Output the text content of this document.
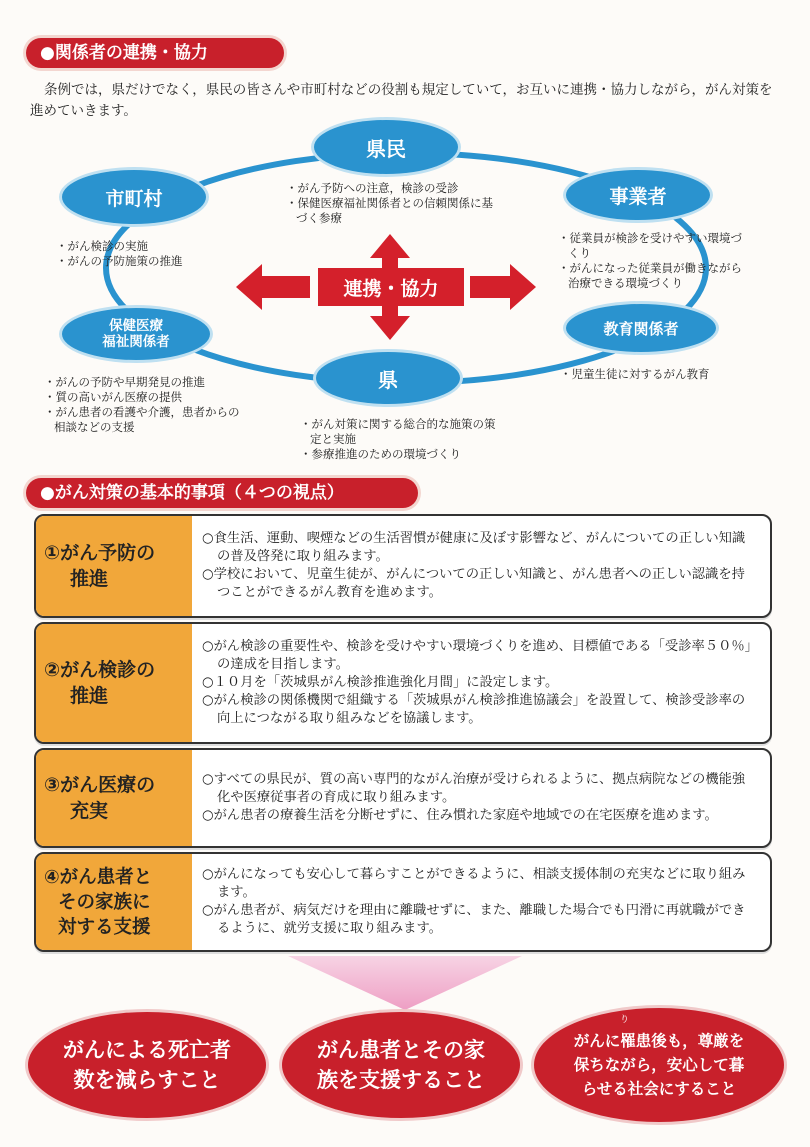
●関係者の連携・協力
条例では，県だけでなく，県民の皆さんや市町村などの役割も規定していて，お互いに連携・協力しながら，がん対策を進めていきます。
連携・協力
県民
市町村	事業者
保健医療
福祉関係者
教育関係者
県
・がん予防への注意，検診の受診
・保健医療福祉関係者との信頼関係に基づく参療
・がん検診の実施
・がんの予防施策の推進
・従業員が検診を受けやすい環境づくり
・がんになった従業員が働きながら治療できる環境づくり
・児童生徒に対するがん教育
・がんの予防や早期発見の推進
・質の高いがん医療の提供
・がん患者の看護や介護，患者からの相談などの支援	・がん対策に関する総合的な施策の策定と実施
・参療推進のための環境づくり
●がん対策の基本的事項（４つの視点）
①がん予防の
推進

○食生活、運動、喫煙などの生活習慣が健康に及ぼす影響など、がんについての正しい知識の普及啓発に取り組みます。

○学校において、児童生徒が、がんについての正しい知識と、がん患者への正しい認識を持つことができるがん教育を進めます。

②がん検診の
推進

○がん検診の重要性や、検診を受けやすい環境づくりを進め、目標値である「受診率５０％」の達成を目指します。

○１０月を「茨城県がん検診推進強化月間」に設定します。

○がん検診の関係機関で組織する「茨城県がん検診推進協議会」を設置して、検診受診率の向上につながる取り組みなどを協議します。

③がん医療の
充実

○すべての県民が、質の高い専門的ながん治療が受けられるように、拠点病院などの機能強化や医療従事者の育成に取り組みます。

○がん患者の療養生活を分断せずに、住み慣れた家庭や地域での在宅医療を進めます。

④がん患者と
その家族に
対する支援

○がんになっても安心して暮らすことができるように、相談支援体制の充実などに取り組みます。

○がん患者が、病気だけを理由に離職せずに、また、離職した場合でも円滑に再就職ができるように、就労支援に取り組みます。

がんによる死亡者
数を減らすこと
がん患者とその家
族を支援すること
がんに罹患後も，尊厳を
保ちながら，安心して暮
らせる社会にすること
り
